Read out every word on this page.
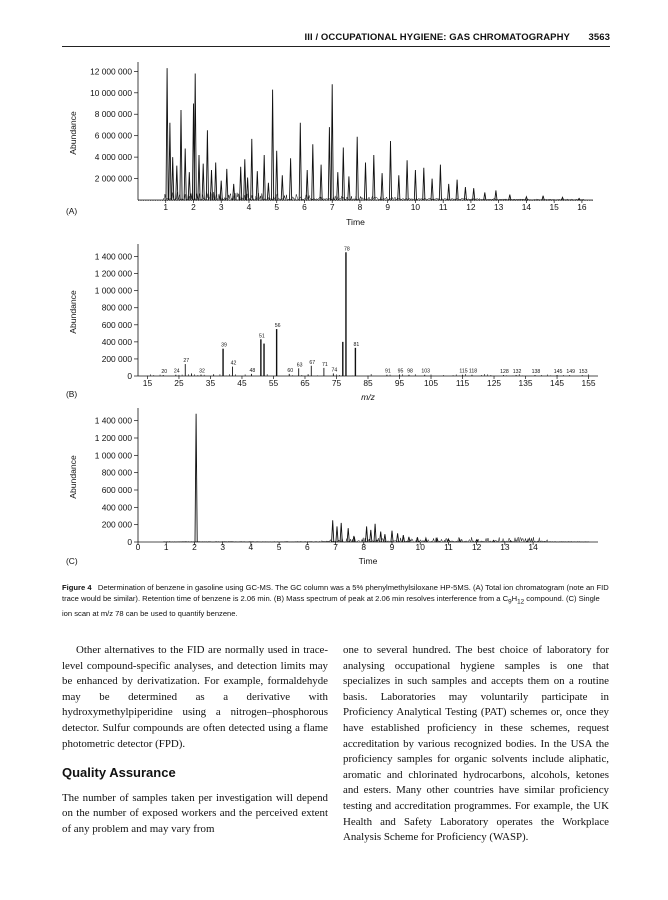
III / OCCUPATIONAL HYGIENE: GAS CHROMATOGRAPHY 3563
2 000 000
4 000 000
6 000 000
8 000 000
10 000 000
12 000 000
1	2	3	4	5	6	7	8	9 10 11 12 13 14 15 16
Time
Abundance
(A)
0
200 000
400 000
600 000
800 000
1 000 000
1 200 000
1 400 000
15	25	35	45	55	65	75	85	95 105 115 125 135 145 155
m/z
Abundance
(B)
20 24
27
32
39
42
48
51
56
60
63 67 71
74
78
81
91 95 98 103	115 118	128 132 138	145 149 153
0
200 000
400 000
600 000
800 000
1 000 000
1 200 000
1 400 000
0	1	2	3	4	5	6	7	8	9	10 11 12 13 14
Time
Abundance
(C)
Figure 4 Determination of benzene in gasoline using GC-MS. The GC column was a 5% phenylmethylsiloxane HP-5MS. (A) Total ion chromatogram (note an FID trace would be similar). Retention time of benzene is 2.06 min. (B) Mass spectrum of peak at 2.06 min resolves interference from a $C_9H_{12}$ compound. (C) Single ion scan at m/z 78 can be used to quantify benzene.

Other alternatives to the FID are normally used in trace-level compound-specific analyses, and detection limits may be enhanced by derivatization. For example, formaldehyde may be determined as a derivative with hydroxymethylpiperidine using a nitrogen–phosphorous detector. Sulfur compounds are often detected using a flame photometric detector (FPD).

Quality Assurance

The number of samples taken per investigation will depend on the number of exposed workers and the perceived extent of any problem and may vary from

one to several hundred. The best choice of laboratory for analysing occupational hygiene samples is one that specializes in such samples and accepts them on a routine basis. Laboratories may voluntarily participate in Proficiency Analytical Testing (PAT) schemes or, once they have established proficiency in these schemes, request accreditation by various recognized bodies. In the USA the proficiency samples for organic solvents include aliphatic, aromatic and chlorinated hydrocarbons, alcohols, ketones and esters. Many other countries have similar proficiency testing and accreditation programmes. For example, the UK Health and Safety Laboratory operates the Workplace Analysis Scheme for Proficiency (WASP).
